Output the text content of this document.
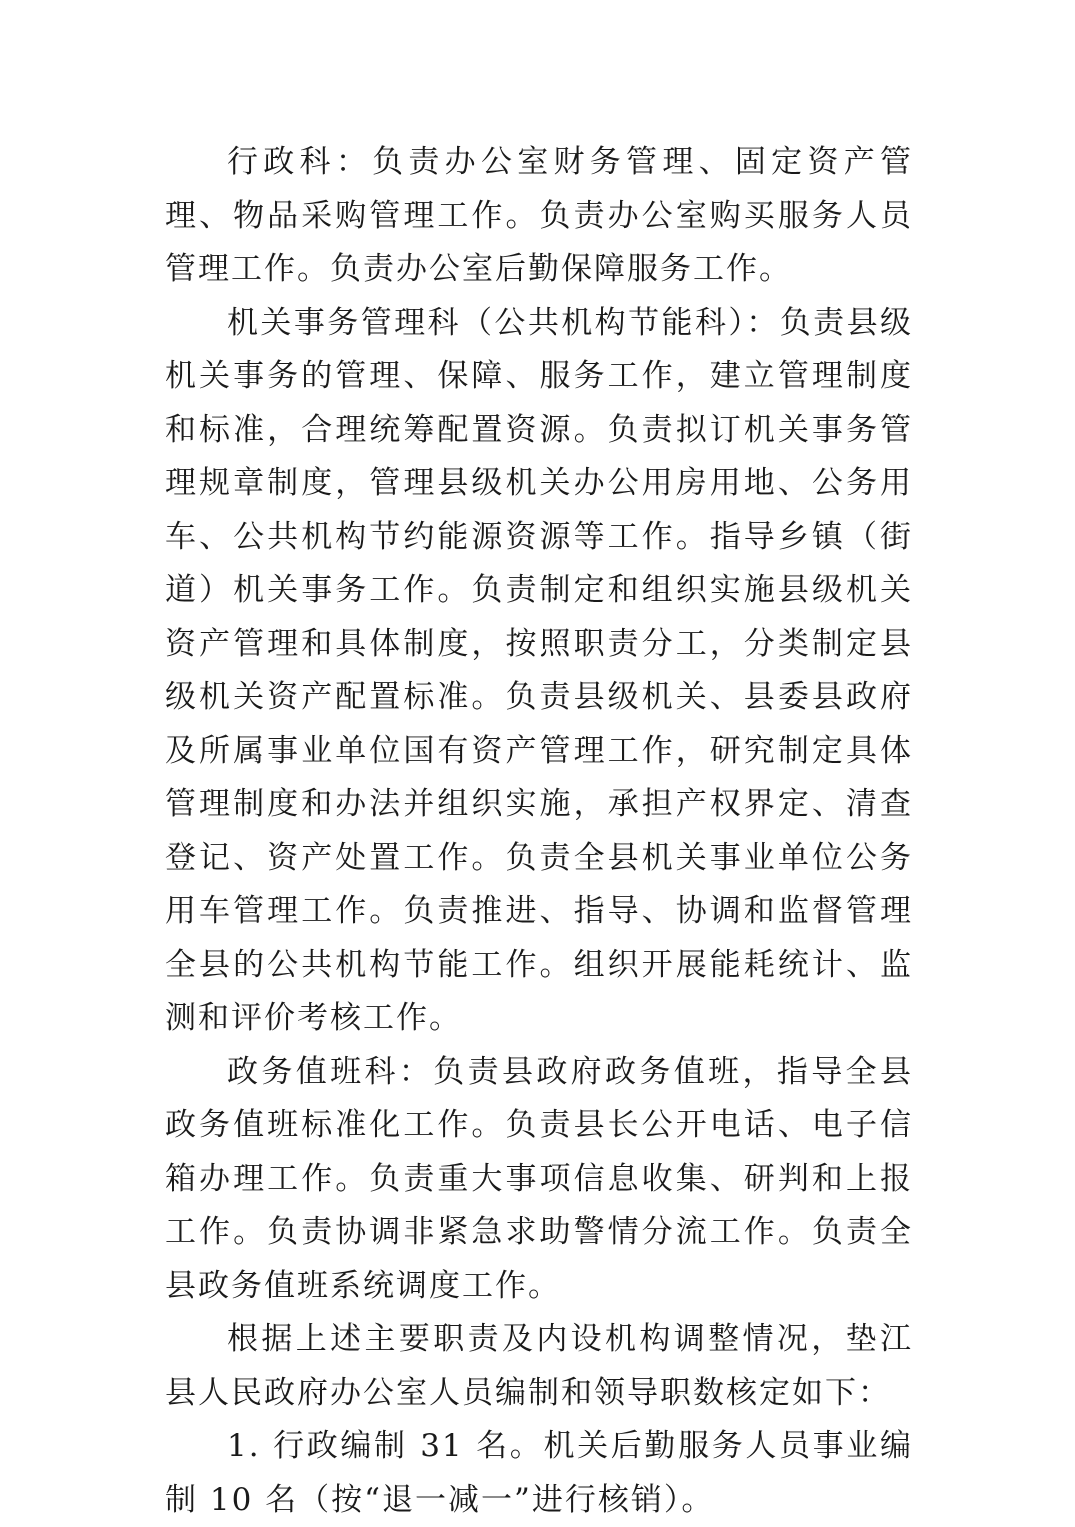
行政科：负责办公室财务管理、固定资产管理、物品采购管理工作。负责办公室购买服务人员管理工作。负责办公室后勤保障服务工作。

机关事务管理科（公共机构节能科）：负责县级机关事务的管理、保障、服务工作，建立管理制度和标准，合理统筹配置资源。负责拟订机关事务管理规章制度，管理县级机关办公用房用地、公务用车、公共机构节约能源资源等工作。指导乡镇（街道）机关事务工作。负责制定和组织实施县级机关资产管理和具体制度，按照职责分工，分类制定县级机关资产配置标准。负责县级机关、县委县政府及所属事业单位国有资产管理工作，研究制定具体管理制度和办法并组织实施，承担产权界定、清查登记、资产处置工作。负责全县机关事业单位公务用车管理工作。负责推进、指导、协调和监督管理全县的公共机构节能工作。组织开展能耗统计、监测和评价考核工作。

政务值班科：负责县政府政务值班，指导全县政务值班标准化工作。负责县长公开电话、电子信箱办理工作。负责重大事项信息收集、研判和上报工作。负责协调非紧急求助警情分流工作。负责全县政务值班系统调度工作。

根据上述主要职责及内设机构调整情况，垫江县人民政府办公室人员编制和领导职数核定如下：

1. 行政编制 31 名。机关后勤服务人员事业编制 10 名（按“退一减一”进行核销）。
